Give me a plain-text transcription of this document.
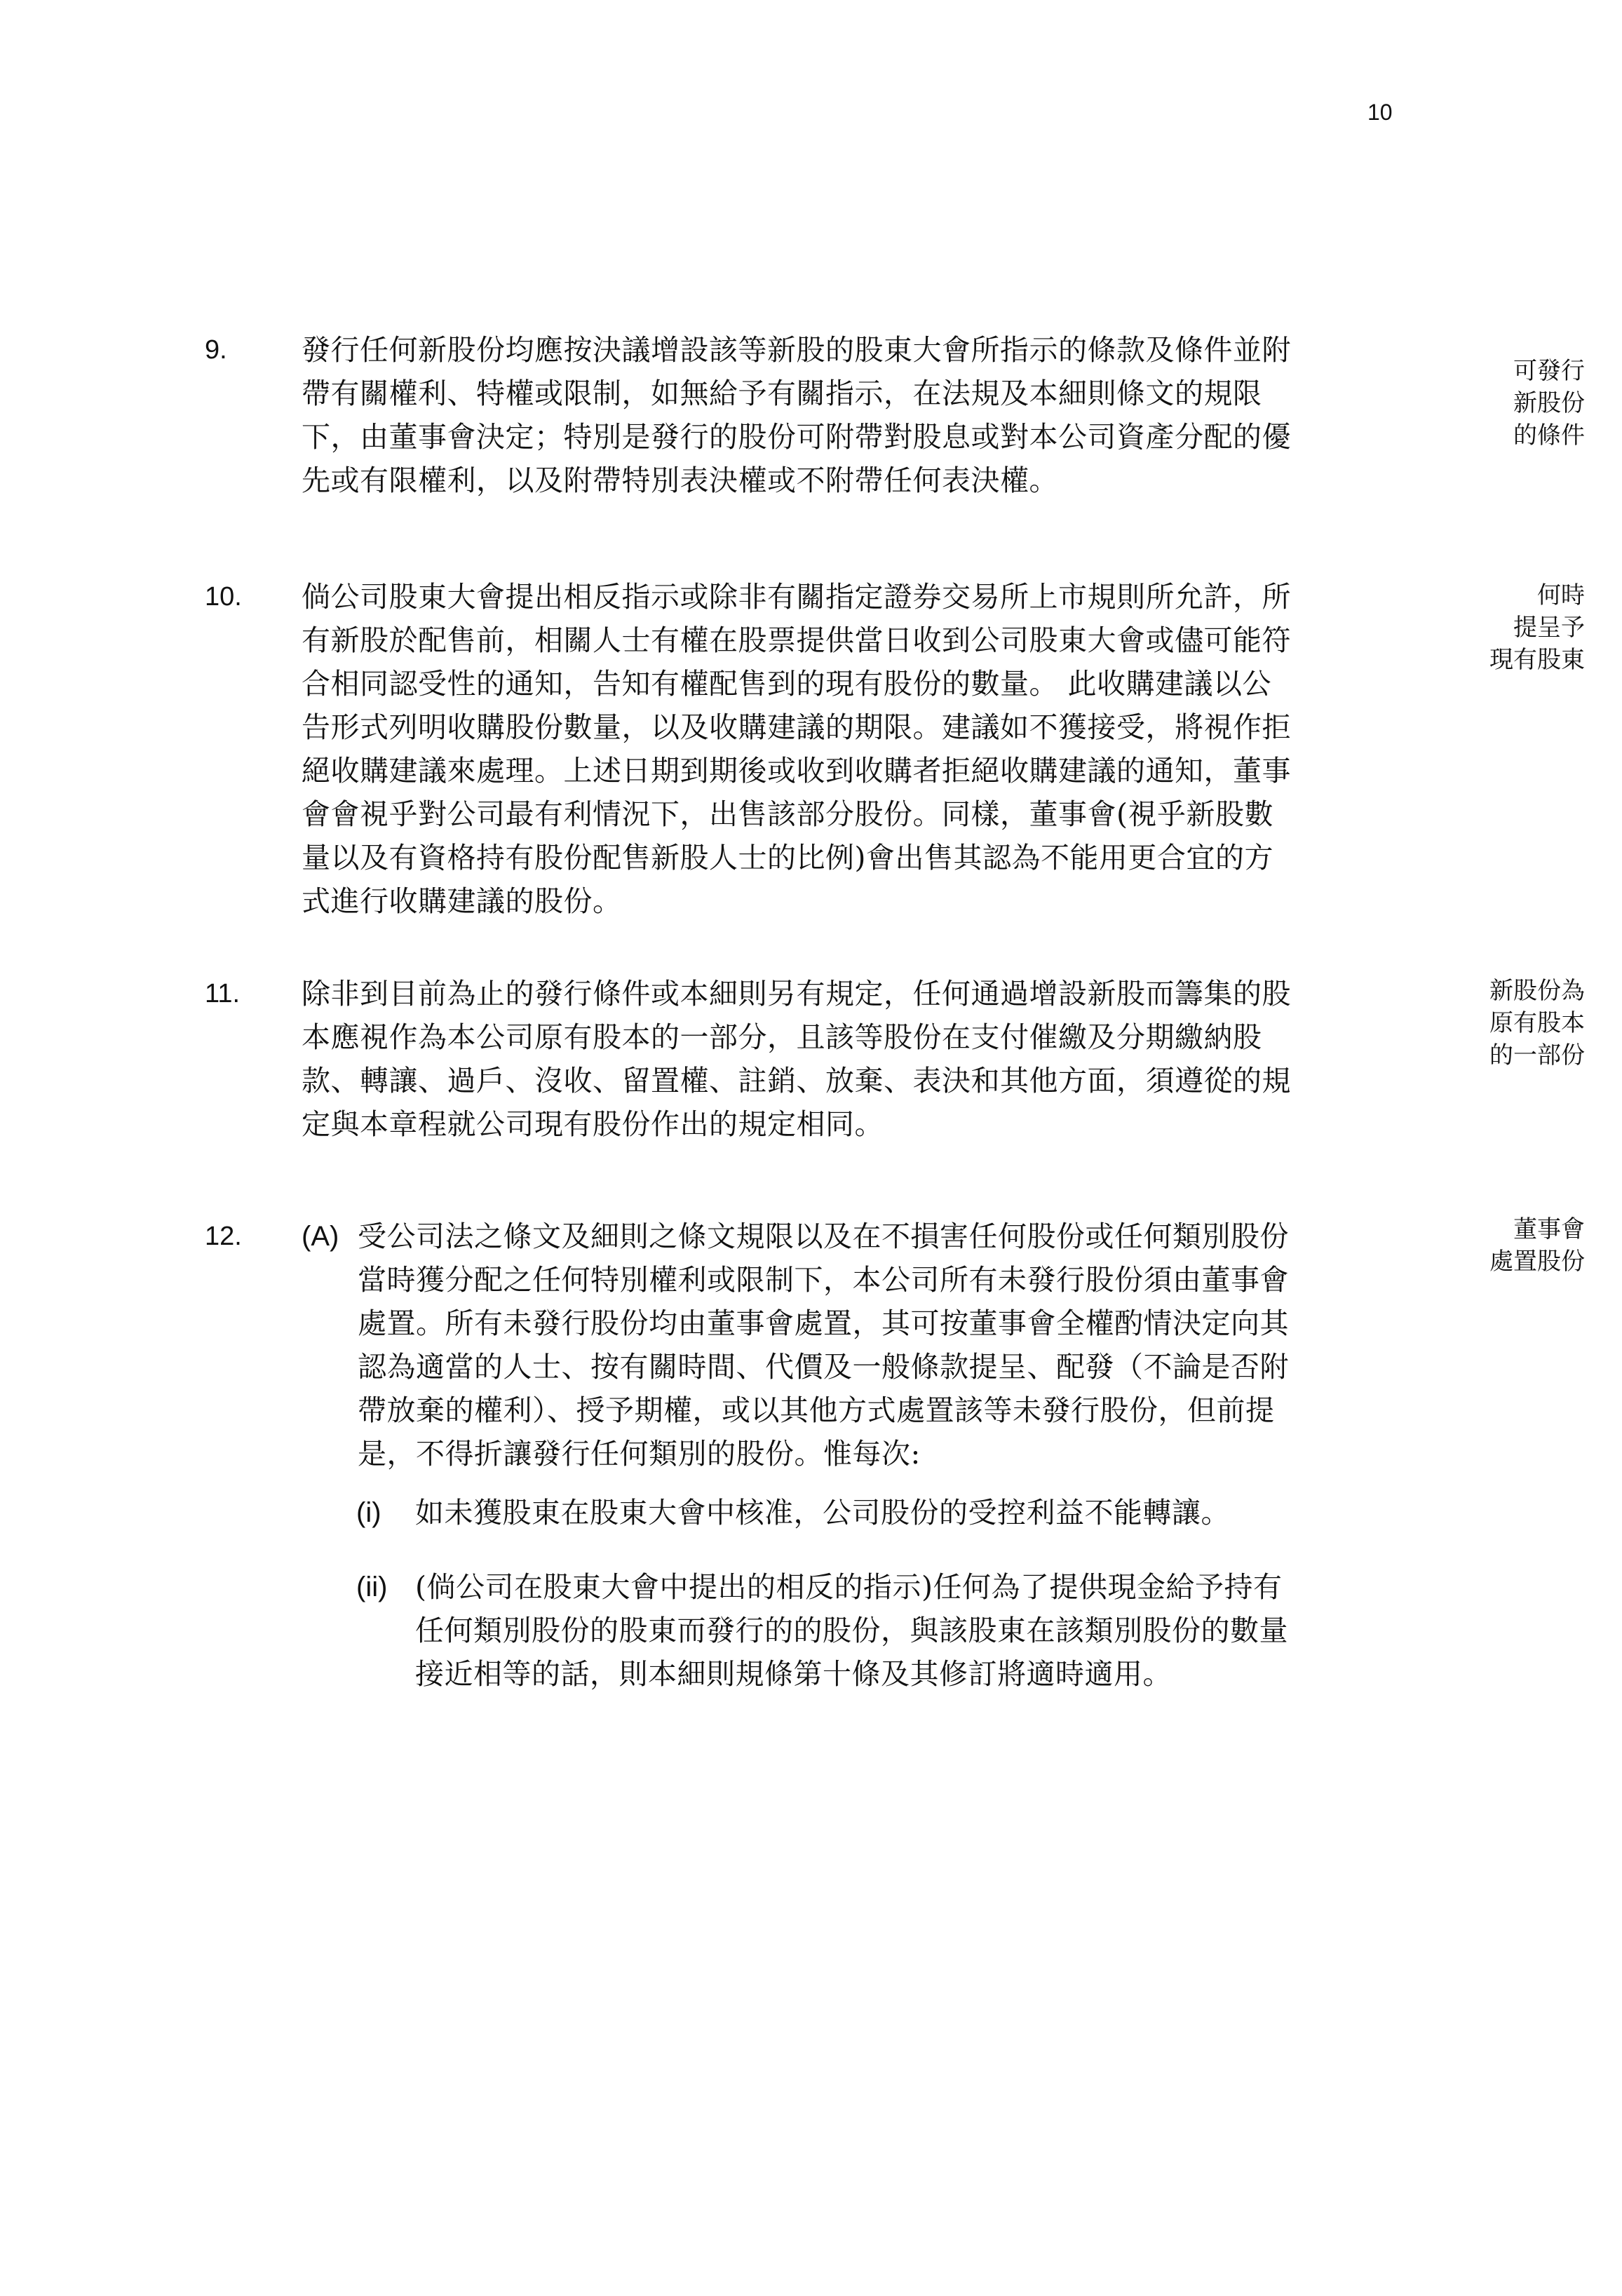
10
9.	發行任何新股份均應按決議增設該等新股的股東大會所指示的條款及條件並附

帶有關權利、特權或限制，如無給予有關指示，在法規及本細則條文的規限

下，由董事會決定；特別是發行的股份可附帶對股息或對本公司資產分配的優

先或有限權利，以及附帶特別表決權或不附帶任何表決權。

可發行
新股份
的條件
10. 倘公司股東大會提出相反指示或除非有關指定證券交易所上市規則所允許，所

有新股於配售前，相關人士有權在股票提供當日收到公司股東大會或儘可能符

合相同認受性的通知，告知有權配售到的現有股份的數量。 此收購建議以公

告形式列明收購股份數量，以及收購建議的期限。建議如不獲接受，將視作拒

絕收購建議來處理。上述日期到期後或收到收購者拒絕收購建議的通知，董事

會會視乎對公司最有利情況下，出售該部分股份。同樣，董事會(視乎新股數

量以及有資格持有股份配售新股人士的比例)會出售其認為不能用更合宜的方

式進行收購建議的股份。

何時
提呈予
現有股東
11. 除非到目前為止的發行條件或本細則另有規定，任何通過增設新股而籌集的股

本應視作為本公司原有股本的一部分，且該等股份在支付催繳及分期繳納股

款、轉讓、過戶、沒收、留置權、註銷、放棄、表決和其他方面，須遵從的規

定與本章程就公司現有股份作出的規定相同。

新股份為
原有股本
的一部份
12. (A) 受公司法之條文及細則之條文規限以及在不損害任何股份或任何類別股份

當時獲分配之任何特別權利或限制下，本公司所有未發行股份須由董事會

處置。所有未發行股份均由董事會處置，其可按董事會全權酌情決定向其

認為適當的人士、按有關時間、代價及一般條款提呈、配發（不論是否附

帶放棄的權利）、授予期權，或以其他方式處置該等未發行股份，但前提

是，不得折讓發行任何類別的股份。惟每次:

董事會
處置股份
(i) 如未獲股東在股東大會中核准，公司股份的受控利益不能轉讓。

(ii) (倘公司在股東大會中提出的相反的指示)任何為了提供現金給予持有

任何類別股份的股東而發行的的股份，與該股東在該類別股份的數量

接近相等的話，則本細則規條第十條及其修訂將適時適用。
